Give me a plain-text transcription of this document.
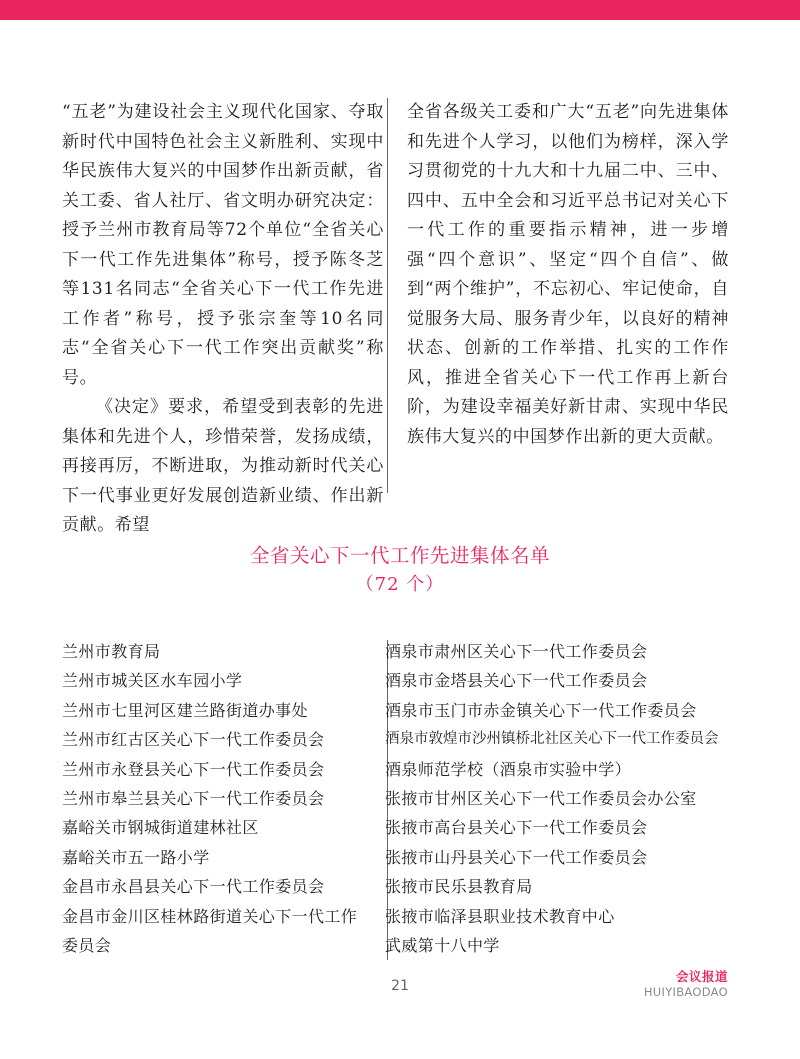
“五老”为建设社会主义现代化国家、夺取新时代中国特色社会主义新胜利、实现中华民族伟大复兴的中国梦作出新贡献，省关工委、省人社厅、省文明办研究决定：授予兰州市教育局等72个单位“全省关心下一代工作先进集体”称号，授予陈冬芝等131名同志“全省关心下一代工作先进工作者”称号，授予张宗奎等10名同志“全省关心下一代工作突出贡献奖”称号。

《决定》要求，希望受到表彰的先进集体和先进个人，珍惜荣誉，发扬成绩，再接再厉，不断进取，为推动新时代关心下一代事业更好发展创造新业绩、作出新贡献。希望

全省各级关工委和广大“五老”向先进集体和先进个人学习，以他们为榜样，深入学习贯彻党的十九大和十九届二中、三中、四中、五中全会和习近平总书记对关心下一代工作的重要指示精神，进一步增强“四个意识”、坚定“四个自信”、做到“两个维护”，不忘初心、牢记使命，自觉服务大局、服务青少年，以良好的精神状态、创新的工作举措、扎实的工作作风，推进全省关心下一代工作再上新台阶，为建设幸福美好新甘肃、实现中华民族伟大复兴的中国梦作出新的更大贡献。

全省关心下一代工作先进集体名单
（72 个）
兰州市教育局
兰州市城关区水车园小学
兰州市七里河区建兰路街道办事处
兰州市红古区关心下一代工作委员会
兰州市永登县关心下一代工作委员会
兰州市皋兰县关心下一代工作委员会
嘉峪关市钢城街道建林社区
嘉峪关市五一路小学
金昌市永昌县关心下一代工作委员会
金昌市金川区桂林路街道关心下一代工作委员会
酒泉市肃州区关心下一代工作委员会
酒泉市金塔县关心下一代工作委员会
酒泉市玉门市赤金镇关心下一代工作委员会
酒泉市敦煌市沙州镇桥北社区关心下一代工作委员会
酒泉师范学校（酒泉市实验中学）
张掖市甘州区关心下一代工作委员会办公室
张掖市高台县关心下一代工作委员会
张掖市山丹县关心下一代工作委员会
张掖市民乐县教育局
张掖市临泽县职业技术教育中心
武威第十八中学
21
会议报道
HUIYIBAODAO
